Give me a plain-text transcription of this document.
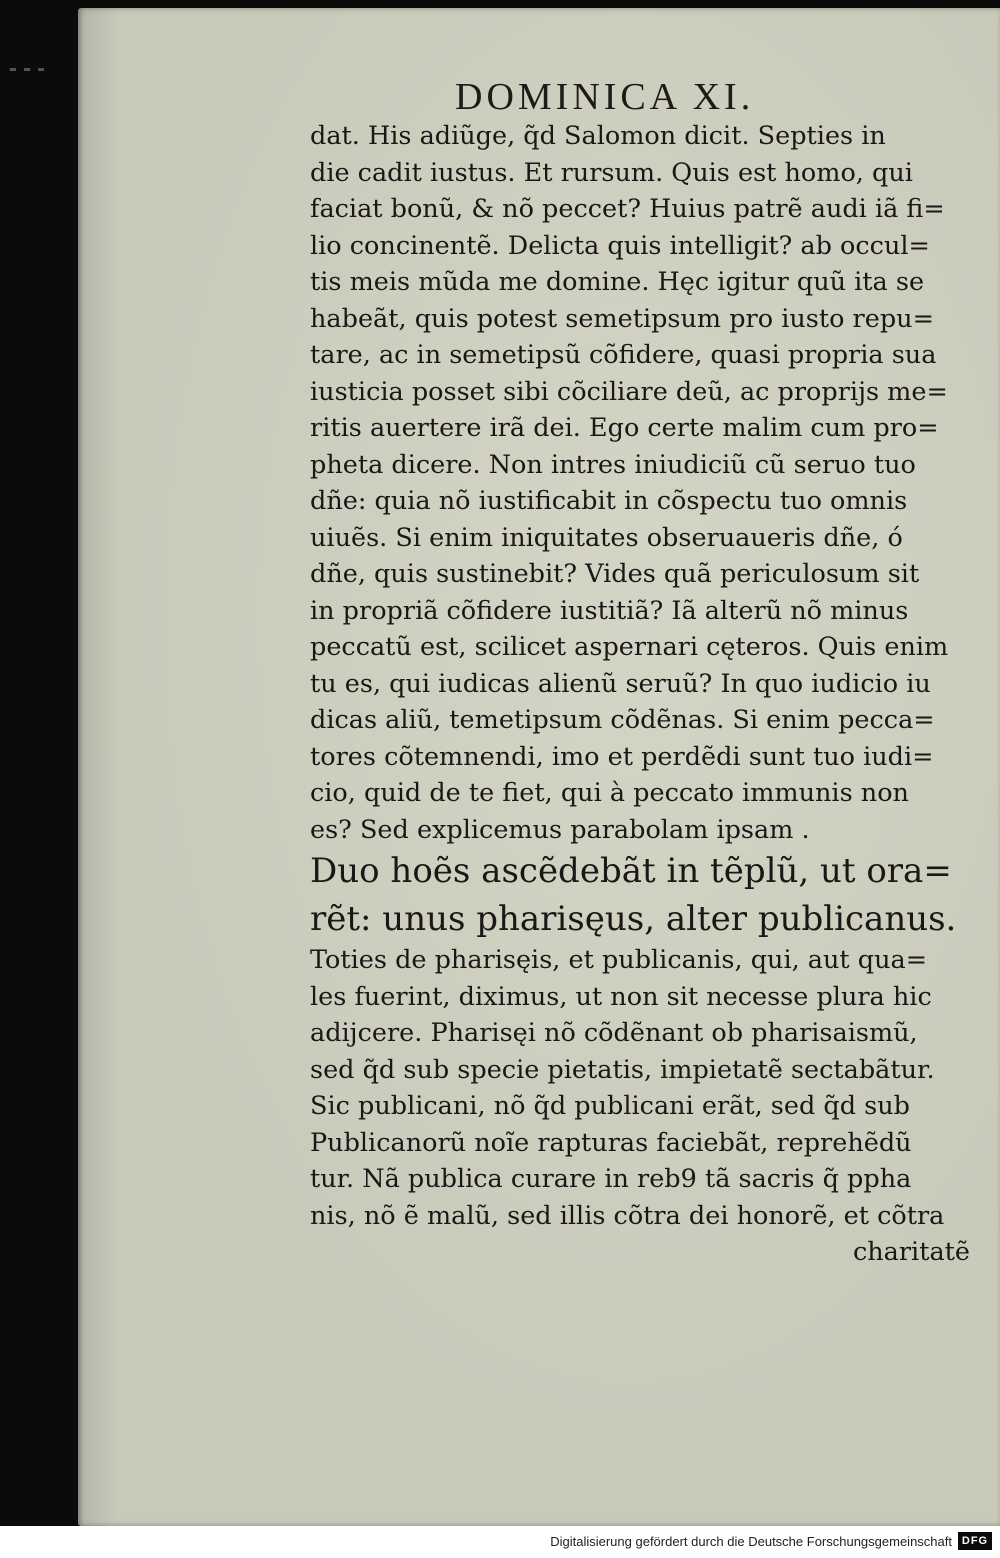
DOMINICA XI.
dat. His adiũge, q̃d Salomon dicit. Septies in
die cadit iustus. Et rursum. Quis est homo, qui
faciat bonũ, & nõ peccet? Huius patrẽ audi iã fi=
lio concinentẽ. Delicta quis intelligit? ab occul=
tis meis mũda me domine. Hęc igitur quũ ita se
habeãt, quis potest semetipsum pro iusto repu=
tare, ac in semetipsũ cõfidere, quasi propria sua
iusticia posset sibi cõciliare deũ, ac proprijs me=
ritis auertere irã dei. Ego certe malim cum pro=
pheta dicere. Non intres iniudiciũ cũ seruo tuo
dñe: quia nõ iustificabit in cõspectu tuo omnis
uiuẽs. Si enim iniquitates obseruaueris dñe, ó
dñe, quis sustinebit? Vides quã periculosum sit
in propriã cõfidere iustitiã? Iã alterũ nõ minus
peccatũ est, scilicet aspernari cęteros. Quis enim
tu es, qui iudicas alienũ seruũ? In quo iudicio iu
dicas aliũ, temetipsum cõdẽnas. Si enim pecca=
tores cõtemnendi, imo et perdẽdi sunt tuo iudi=
cio, quid de te fiet, qui à peccato immunis non
es? Sed explicemus parabolam ipsam .
Duo hoẽs ascẽdebãt in tẽplũ, ut ora=
rẽt: unus pharisęus, alter publicanus.
Toties de pharisęis, et publicanis, qui, aut qua=
les fuerint, diximus, ut non sit necesse plura hic
adijcere. Pharisęi nõ cõdẽnant ob pharisaismũ,
sed q̃d sub specie pietatis, impietatẽ sectabãtur.
Sic publicani, nõ q̃d publicani erãt, sed q̃d sub
Publicanorũ noĩe rapturas faciebãt, reprehẽdũ
tur. Nã publica curare in reb9 tã sacris q̃ ppha
nis, nõ ẽ malũ, sed illis cõtra dei honorẽ, et cõtra
charitatẽ
Digitalisierung gefördert durch die Deutsche Forschungsgemeinschaft DFG
